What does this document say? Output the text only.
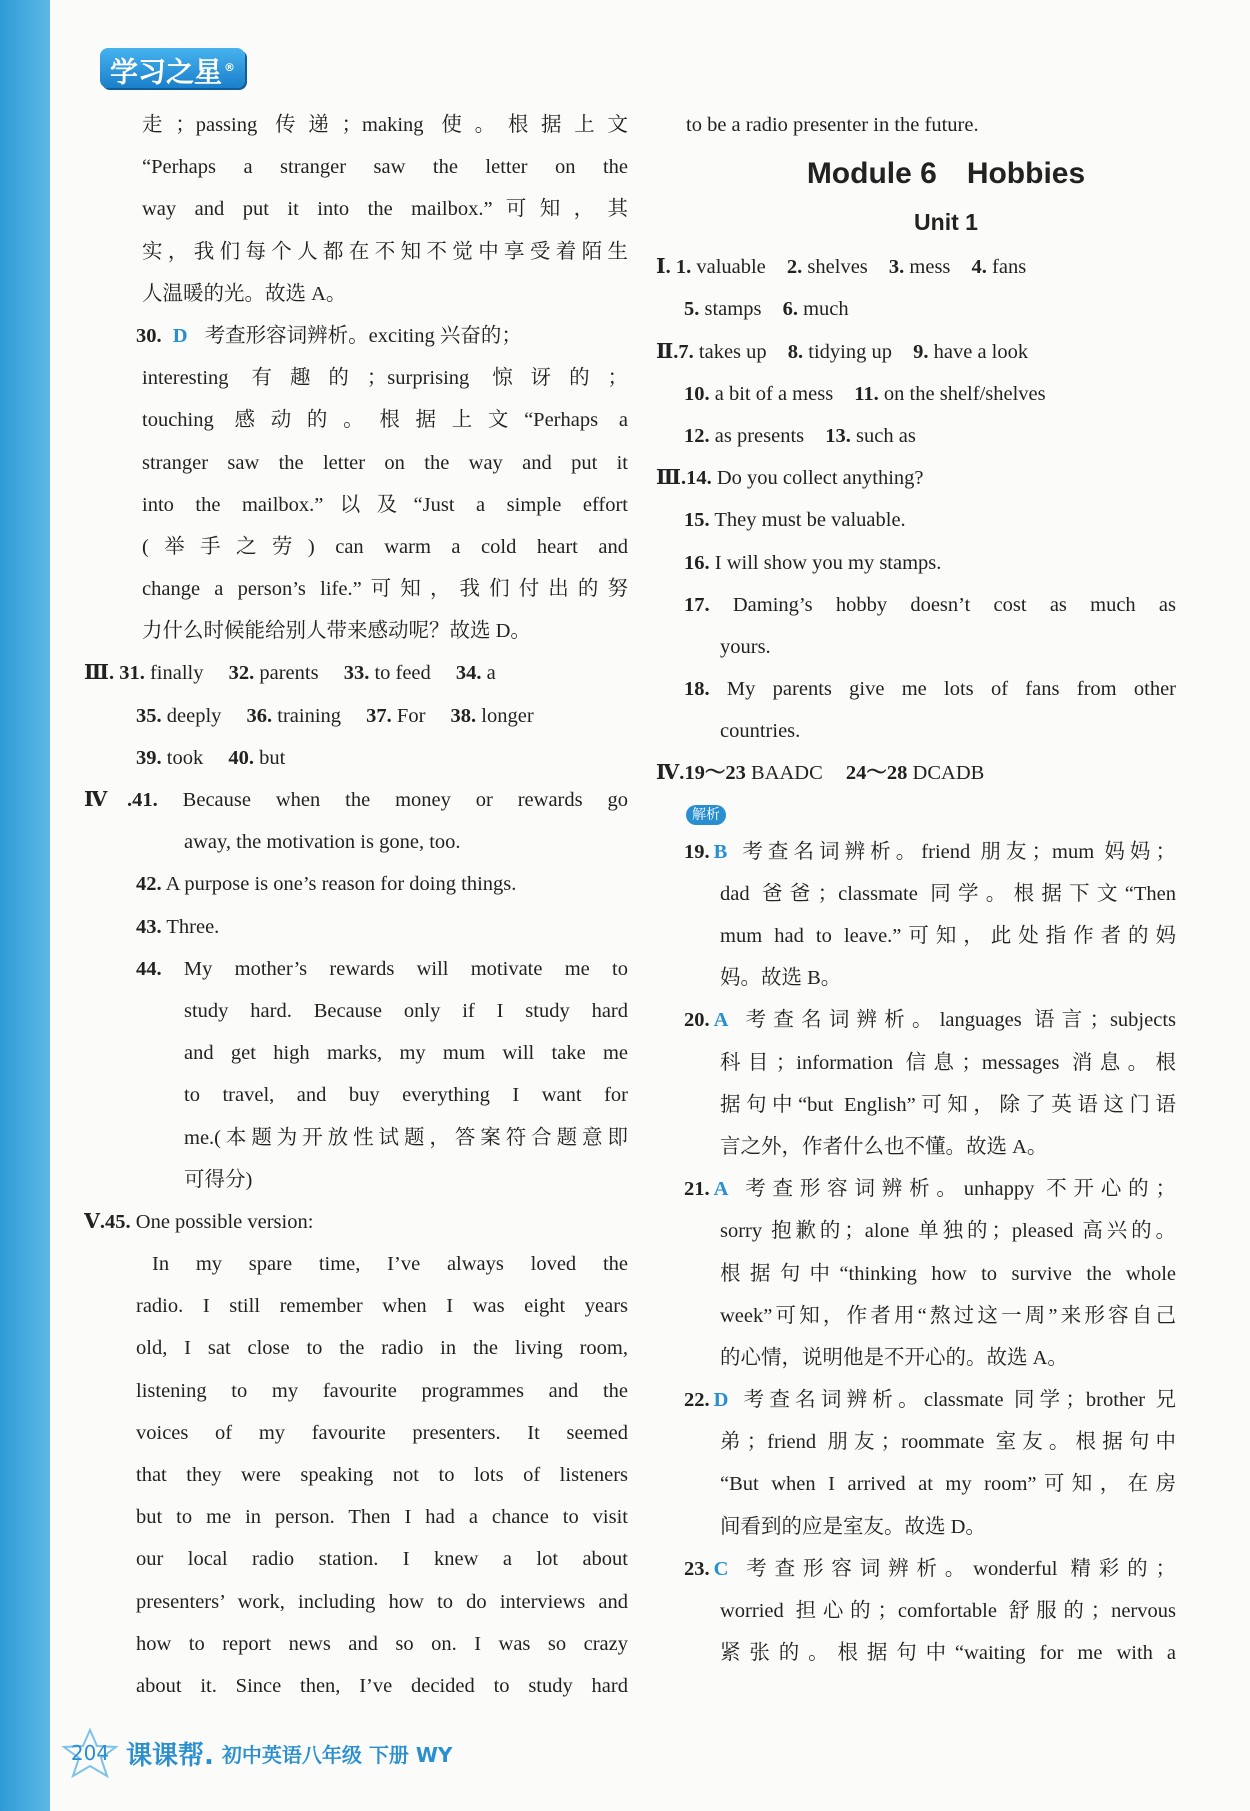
学习之星 ®
走；passing 传递；making 使。根据上文
“Perhaps a stranger saw the letter on the
way and put it into the mailbox.”可知，其
实，我们每个人都在不知不觉中享受着陌生
人温暖的光。故选 A。
30. D 考查形容词辨析。exciting 兴奋的；
interesting 有趣的；surprising 惊讶的；
touching 感动的。根据上文“Perhaps a
stranger saw the letter on the way and put it
into the mailbox.”以及“Just a simple effort
(举手之劳) can warm a cold heart and
change a person’s life.”可知，我们付出的努
力什么时候能给别人带来感动呢？故选 D。
Ⅲ. 31. finally 32. parents 33. to feed 34. a
35. deeply 36. training 37. For 38. longer
39. took 40. but
Ⅳ.41. Because when the money or rewards go
away, the motivation is gone, too.
42. A purpose is one’s reason for doing things.
43. Three.
44. My mother’s rewards will motivate me to
study hard. Because only if I study hard
and get high marks, my mum will take me
to travel, and buy everything I want for
me.(本题为开放性试题，答案符合题意即
可得分)
Ⅴ.45. One possible version:
In my spare time, I’ve always loved the
radio. I still remember when I was eight years
old, I sat close to the radio in the living room,
listening to my favourite programmes and the
voices of my favourite presenters. It seemed
that they were speaking not to lots of listeners
but to me in person. Then I had a chance to visit
our local radio station. I knew a lot about
presenters’ work, including how to do interviews and
how to report news and so on. I was so crazy
about it. Since then, I’ve decided to study hard
to be a radio presenter in the future.
Module 6　Hobbies
Unit 1
Ⅰ. 1. valuable 2. shelves 3. mess 4. fans
5. stamps 6. much
Ⅱ.7. takes up 8. tidying up 9. have a look
10. a bit of a mess 11. on the shelf/shelves
12. as presents 13. such as
Ⅲ.14. Do you collect anything?
15. They must be valuable.
16. I will show you my stamps.
17. Daming’s hobby doesn’t cost as much as
yours.
18. My parents give me lots of fans from other
countries.
Ⅳ.19～23 BAADC 24～28 DCADB
解析
19. B 考查名词辨析。friend 朋友；mum 妈妈；
dad 爸爸；classmate 同学。根据下文“Then
mum had to leave.”可知，此处指作者的妈
妈。故选 B。
20. A 考查名词辨析。languages 语言；subjects
科目；information 信息；messages 消息。根
据句中“but English”可知，除了英语这门语
言之外，作者什么也不懂。故选 A。
21. A 考查形容词辨析。unhappy 不开心的；
sorry 抱歉的；alone 单独的；pleased 高兴的。
根据句中“thinking how to survive the whole
week”可知，作者用“熬过这一周”来形容自己
的心情，说明他是不开心的。故选 A。
22. D 考查名词辨析。classmate 同学；brother 兄
弟；friend 朋友；roommate 室友。根据句中
“But when I arrived at my room”可知，在房
间看到的应是室友。故选 D。
23. C 考查形容词辨析。wonderful 精彩的；
worried 担心的；comfortable 舒服的；nervous
紧张的。根据句中“waiting for me with a
204 课课帮. 初中英语八年级 下册 WY
